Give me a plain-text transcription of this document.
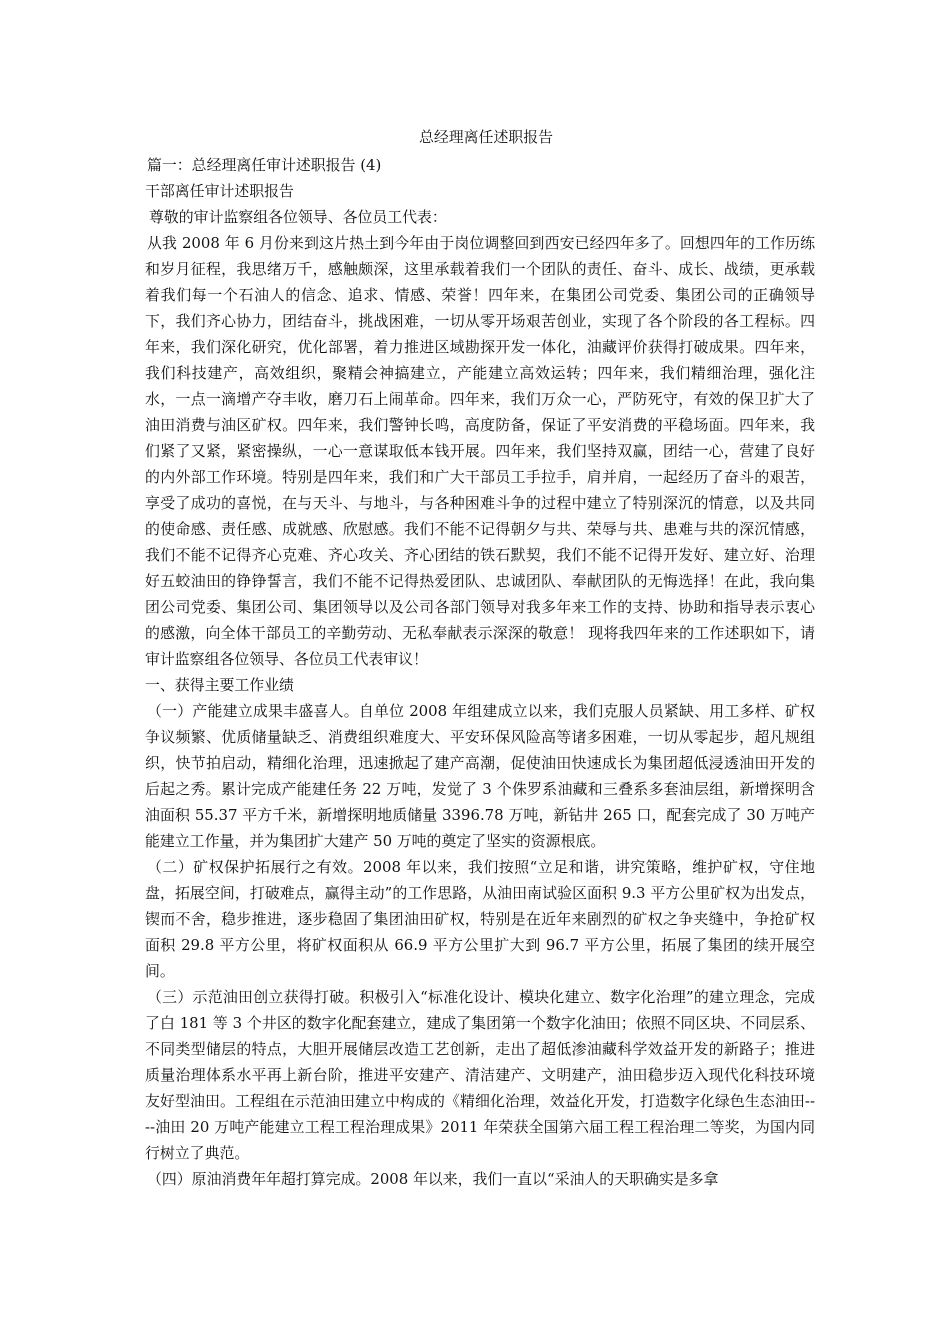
总经理离任述职报告
篇一：总经理离任审计述职报告 (4)
干部离任审计述职报告
尊敬的审计监察组各位领导、各位员工代表：
从我 2008 年 6 月份来到这片热土到今年由于岗位调整回到西安已经四年多了。回想四年的工作历练和岁月征程，我思绪万千，感触颇深，这里承载着我们一个团队的责任、奋斗、成长、战绩，更承载着我们每一个石油人的信念、追求、情感、荣誉！四年来，在集团公司党委、集团公司的正确领导下，我们齐心协力，团结奋斗，挑战困难，一切从零开场艰苦创业，实现了各个阶段的各工程标。四年来，我们深化研究，优化部署，着力推进区域勘探开发一体化，油藏评价获得打破成果。四年来，我们科技建产，高效组织，聚精会神搞建立，产能建立高效运转；四年来，我们精细治理，强化注水，一点一滴增产夺丰收，磨刀石上闹革命。四年来，我们万众一心，严防死守，有效的保卫扩大了油田消费与油区矿权。四年来，我们警钟长鸣，高度防备，保证了平安消费的平稳场面。四年来，我们紧了又紧，紧密操纵，一心一意谋取低本钱开展。四年来，我们坚持双赢，团结一心，营建了良好的内外部工作环境。特别是四年来，我们和广大干部员工手拉手，肩并肩，一起经历了奋斗的艰苦，享受了成功的喜悦，在与天斗、与地斗，与各种困难斗争的过程中建立了特别深沉的情意，以及共同的使命感、责任感、成就感、欣慰感。我们不能不记得朝夕与共、荣辱与共、患难与共的深沉情感，我们不能不记得齐心克难、齐心攻关、齐心团结的铁石默契，我们不能不记得开发好、建立好、治理好五蛟油田的铮铮誓言，我们不能不记得热爱团队、忠诚团队、奉献团队的无悔选择！在此，我向集团公司党委、集团公司、集团领导以及公司各部门领导对我多年来工作的支持、协助和指导表示衷心的感激，向全体干部员工的辛勤劳动、无私奉献表示深深的敬意！ 现将我四年来的工作述职如下，请审计监察组各位领导、各位员工代表审议！
一、获得主要工作业绩
（一）产能建立成果丰盛喜人。自单位 2008 年组建成立以来，我们克服人员紧缺、用工多样、矿权争议频繁、优质储量缺乏、消费组织难度大、平安环保风险高等诸多困难，一切从零起步，超凡规组织，快节拍启动，精细化治理，迅速掀起了建产高潮，促使油田快速成长为集团超低浸透油田开发的后起之秀。累计完成产能建任务 22 万吨，发觉了 3 个侏罗系油藏和三叠系多套油层组，新增探明含油面积 55.37 平方千米，新增探明地质储量 3396.78 万吨，新钻井 265 口，配套完成了 30 万吨产能建立工作量，并为集团扩大建产 50 万吨的奠定了坚实的资源根底。
（二）矿权保护拓展行之有效。2008 年以来，我们按照“立足和谐，讲究策略，维护矿权，守住地盘，拓展空间，打破难点，赢得主动”的工作思路，从油田南试验区面积 9.3 平方公里矿权为出发点，锲而不舍，稳步推进，逐步稳固了集团油田矿权，特别是在近年来剧烈的矿权之争夹缝中，争抢矿权面积 29.8 平方公里，将矿权面积从 66.9 平方公里扩大到 96.7 平方公里，拓展了集团的续开展空间。
（三）示范油田创立获得打破。积极引入“标准化设计、模块化建立、数字化治理”的建立理念，完成了白 181 等 3 个井区的数字化配套建立，建成了集团第一个数字化油田；依照不同区块、不同层系、不同类型储层的特点，大胆开展储层改造工艺创新，走出了超低渗油藏科学效益开发的新路子；推进质量治理体系水平再上新台阶，推进平安建产、清洁建产、文明建产，油田稳步迈入现代化科技环境友好型油田。工程组在示范油田建立中构成的《精细化治理，效益化开发，打造数字化绿色生态油田----油田 20 万吨产能建立工程工程治理成果》2011 年荣获全国第六届工程工程治理二等奖，为国内同行树立了典范。
（四）原油消费年年超打算完成。2008 年以来，我们一直以“采油人的天职确实是多拿
